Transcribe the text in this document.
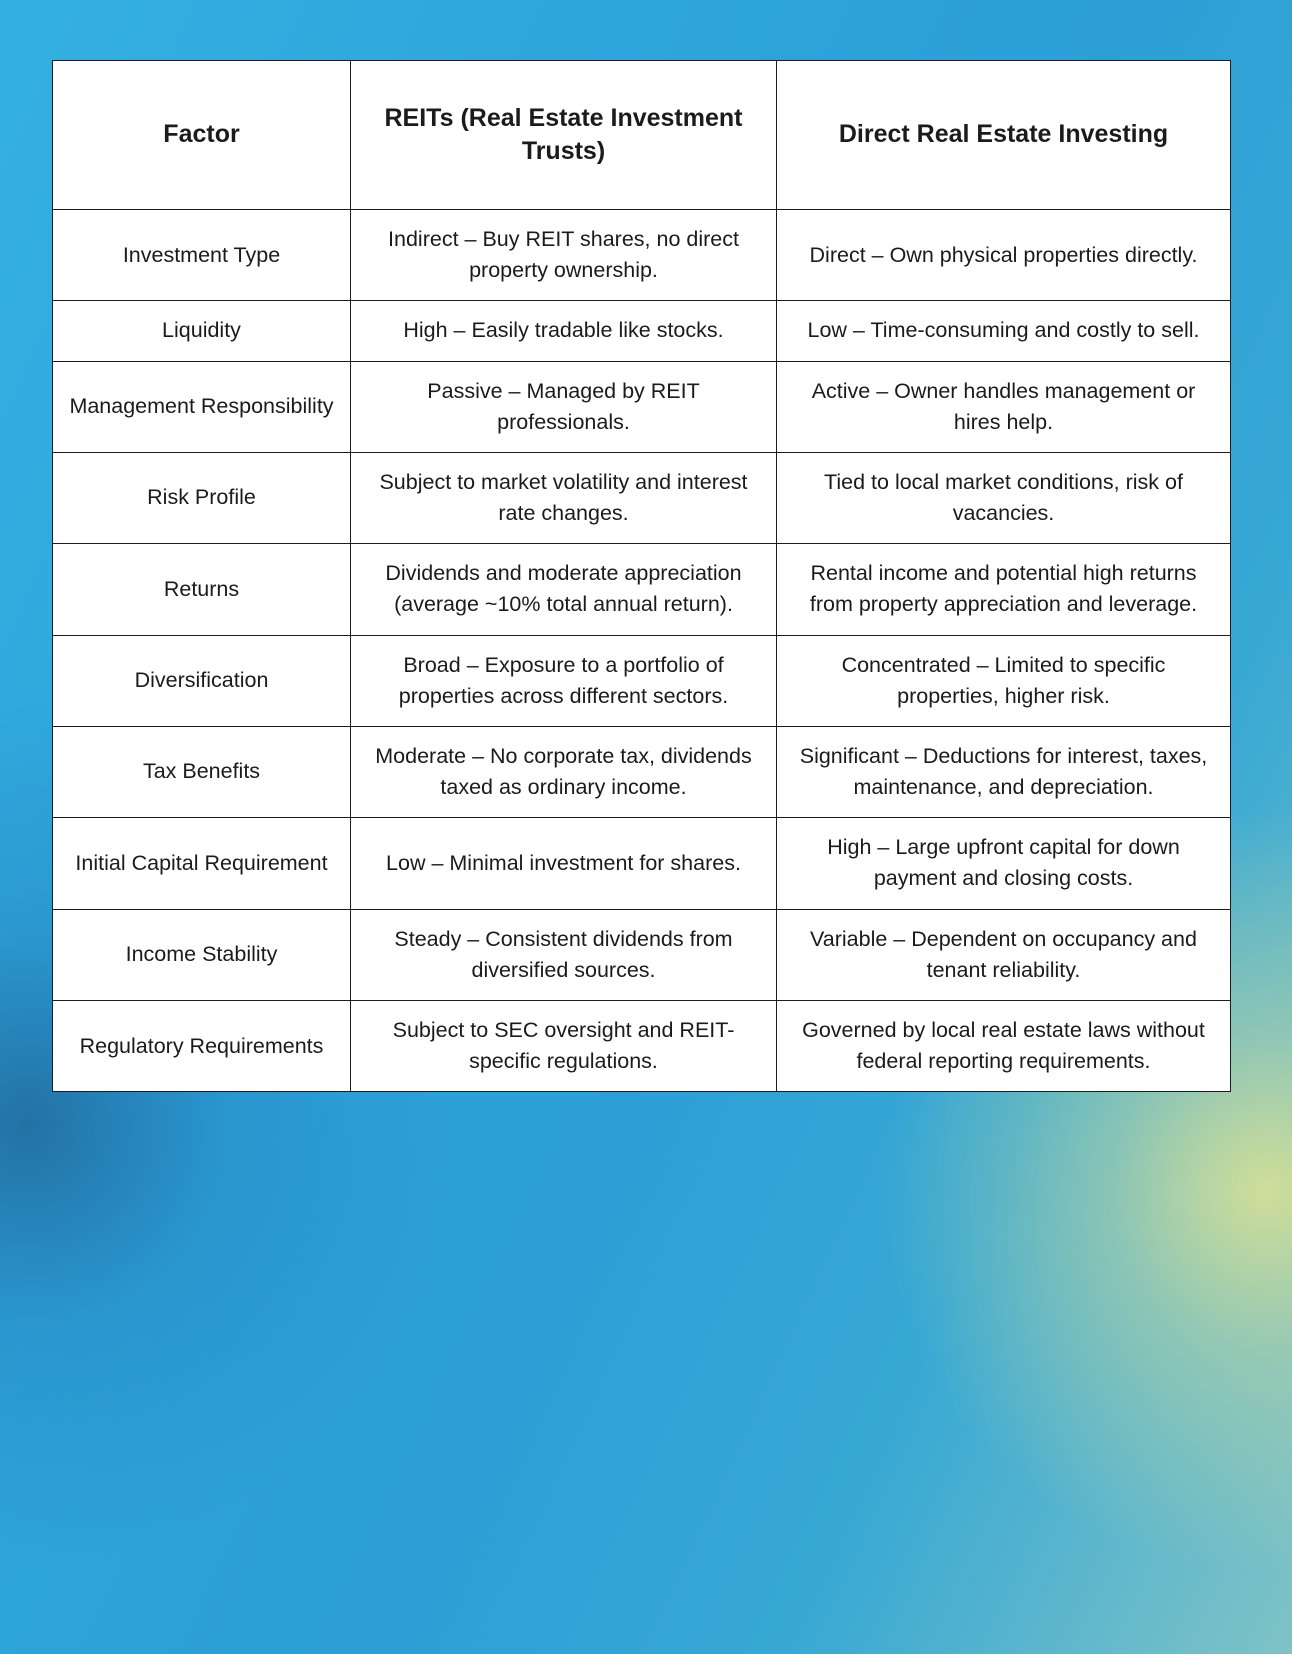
Factor	REITs (Real Estate Investment Trusts)	Direct Real Estate Investing
Investment Type	Indirect – Buy REIT shares, no direct property ownership.	Direct – Own physical properties directly.
Liquidity	High – Easily tradable like stocks.	Low – Time-consuming and costly to sell.
Management Responsibility	Passive – Managed by REIT professionals.	Active – Owner handles management or hires help.
Risk Profile	Subject to market volatility and interest rate changes.	Tied to local market conditions, risk of vacancies.
Returns	Dividends and moderate appreciation (average ~10% total annual return).	Rental income and potential high returns from property appreciation and leverage.
Diversification	Broad – Exposure to a portfolio of properties across different sectors.	Concentrated – Limited to specific properties, higher risk.
Tax Benefits	Moderate – No corporate tax, dividends taxed as ordinary income.	Significant – Deductions for interest, taxes, maintenance, and depreciation.
Initial Capital Requirement	Low – Minimal investment for shares.	High – Large upfront capital for down payment and closing costs.
Income Stability	Steady – Consistent dividends from diversified sources.	Variable – Dependent on occupancy and tenant reliability.
Regulatory Requirements	Subject to SEC oversight and REIT-specific regulations.	Governed by local real estate laws without federal reporting requirements.
